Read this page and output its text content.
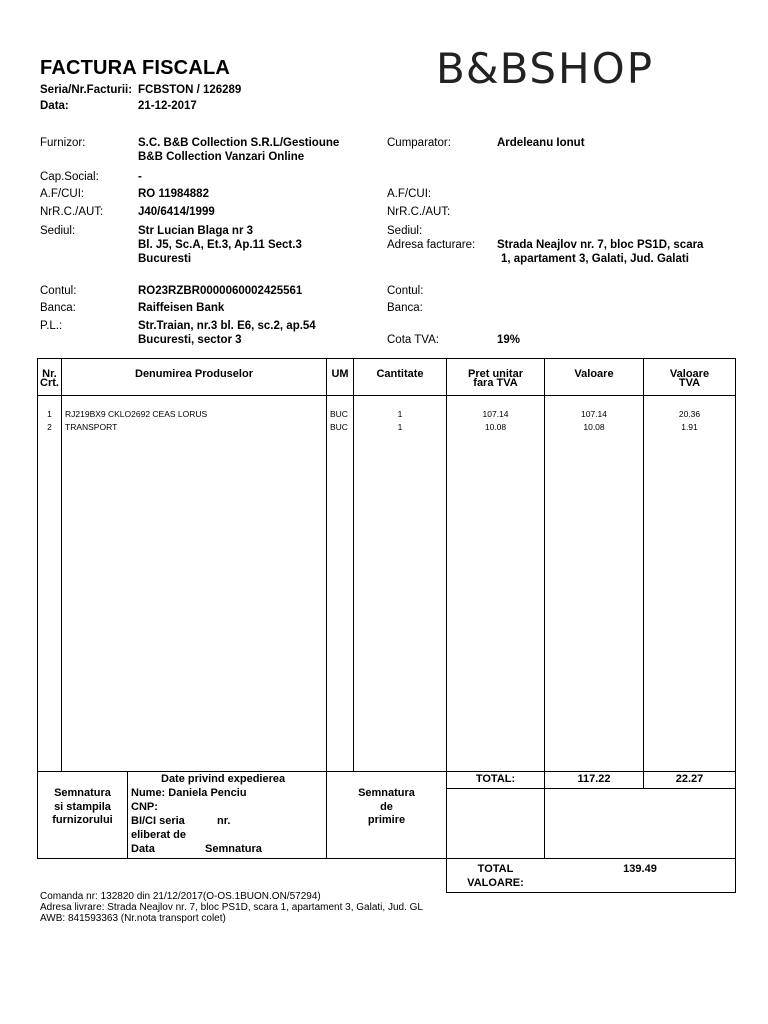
FACTURA FISCALA	B&BSHOP
Seria/Nr.Facturii: FCBSTON / 126289
Data:	21-12-2017
Furnizor:	S.C. B&B Collection S.R.L/Gestioune
B&B Collection Vanzari Online
Cap.Social:	-
A.F/CUI:	RO 11984882
NrR.C./AUT:	J40/6414/1999
Sediul:	Str Lucian Blaga nr 3
Bl. J5, Sc.A, Et.3, Ap.11 Sect.3
Bucuresti
Contul:	RO23RZBR0000060002425561
Banca:	Raiffeisen Bank
P.L.:	Str.Traian, nr.3 bl. E6, sc.2, ap.54
Bucuresti, sector 3
Cumparator:	Ardeleanu Ionut
A.F/CUI:
NrR.C./AUT:
Sediul:
Adresa facturare: Strada Neajlov nr. 7, bloc PS1D, scara
1, apartament 3, Galati, Jud. Galati
Contul:
Banca:
Cota TVA:	19%
Nr.
Crt.
Denumirea Produselor	UM	Cantitate	Pret unitar
fara TVA
Valoare	Valoare
TVA
1	RJ219BX9 CKLO2692 CEAS LORUS	BUC	1	107.14	107.14	20.36
2	TRANSPORT	BUC	1	10.08	10.08	1.91
Semnatura
si stampila
furnizorului
Date privind expedierea
Nume: Daniela Penciu
CNP:
BI/CI seria	nr.
eliberat de
Data	Semnatura
Semnatura
de
primire
TOTAL:	117.22	22.27
TOTAL
VALOARE:
139.49
Comanda nr: 132820 din 21/12/2017(O-OS.1BUON.ON/57294)
Adresa livrare: Strada Neajlov nr. 7, bloc PS1D, scara 1, apartament 3, Galati, Jud. GL
AWB: 841593363 (Nr.nota transport colet)
